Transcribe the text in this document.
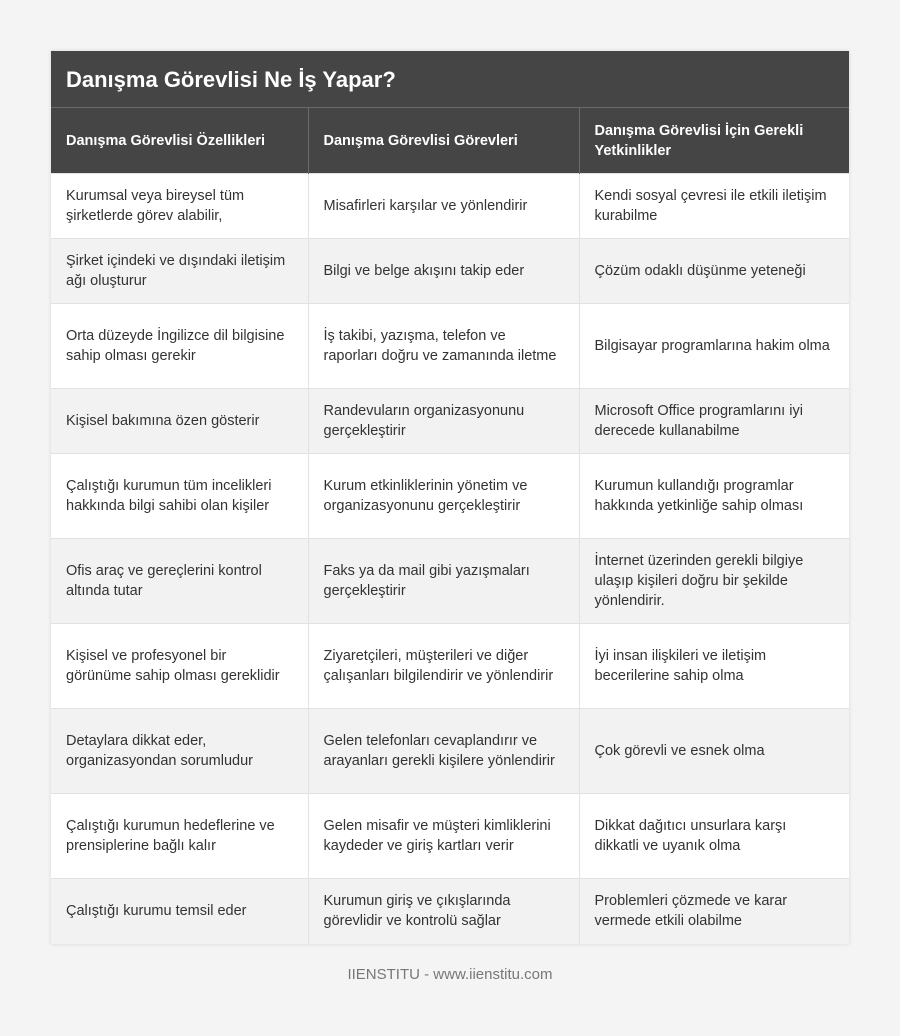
Danışma Görevlisi Ne İş Yapar?
Danışma Görevlisi Özellikleri	Danışma Görevlisi Görevleri	Danışma Görevlisi İçin Gerekli Yetkinlikler
Kurumsal veya bireysel tüm şirketlerde görev alabilir,	Misafirleri karşılar ve yönlendirir	Kendi sosyal çevresi ile etkili iletişim kurabilme
Şirket içindeki ve dışındaki iletişim ağı oluşturur	Bilgi ve belge akışını takip eder	Çözüm odaklı düşünme yeteneği
Orta düzeyde İngilizce dil bilgisine sahip olması gerekir	İş takibi, yazışma, telefon ve raporları doğru ve zamanında iletme	Bilgisayar programlarına hakim olma
Kişisel bakımına özen gösterir	Randevuların organizasyonunu gerçekleştirir	Microsoft Office programlarını iyi derecede kullanabilme
Çalıştığı kurumun tüm incelikleri hakkında bilgi sahibi olan kişiler	Kurum etkinliklerinin yönetim ve organizasyonunu gerçekleştirir	Kurumun kullandığı programlar hakkında yetkinliğe sahip olması
Ofis araç ve gereçlerini kontrol altında tutar	Faks ya da mail gibi yazışmaları gerçekleştirir	İnternet üzerinden gerekli bilgiye ulaşıp kişileri doğru bir şekilde yönlendirir.
Kişisel ve profesyonel bir görünüme sahip olması gereklidir	Ziyaretçileri, müşterileri ve diğer çalışanları bilgilendirir ve yönlendirir	İyi insan ilişkileri ve iletişim becerilerine sahip olma
Detaylara dikkat eder, organizasyondan sorumludur	Gelen telefonları cevaplandırır ve arayanları gerekli kişilere yönlendirir	Çok görevli ve esnek olma
Çalıştığı kurumun hedeflerine ve prensiplerine bağlı kalır	Gelen misafir ve müşteri kimliklerini kaydeder ve giriş kartları verir	Dikkat dağıtıcı unsurlara karşı dikkatli ve uyanık olma
Çalıştığı kurumu temsil eder	Kurumun giriş ve çıkışlarında görevlidir ve kontrolü sağlar	Problemleri çözmede ve karar vermede etkili olabilme
IIENSTITU - www.iienstitu.com
